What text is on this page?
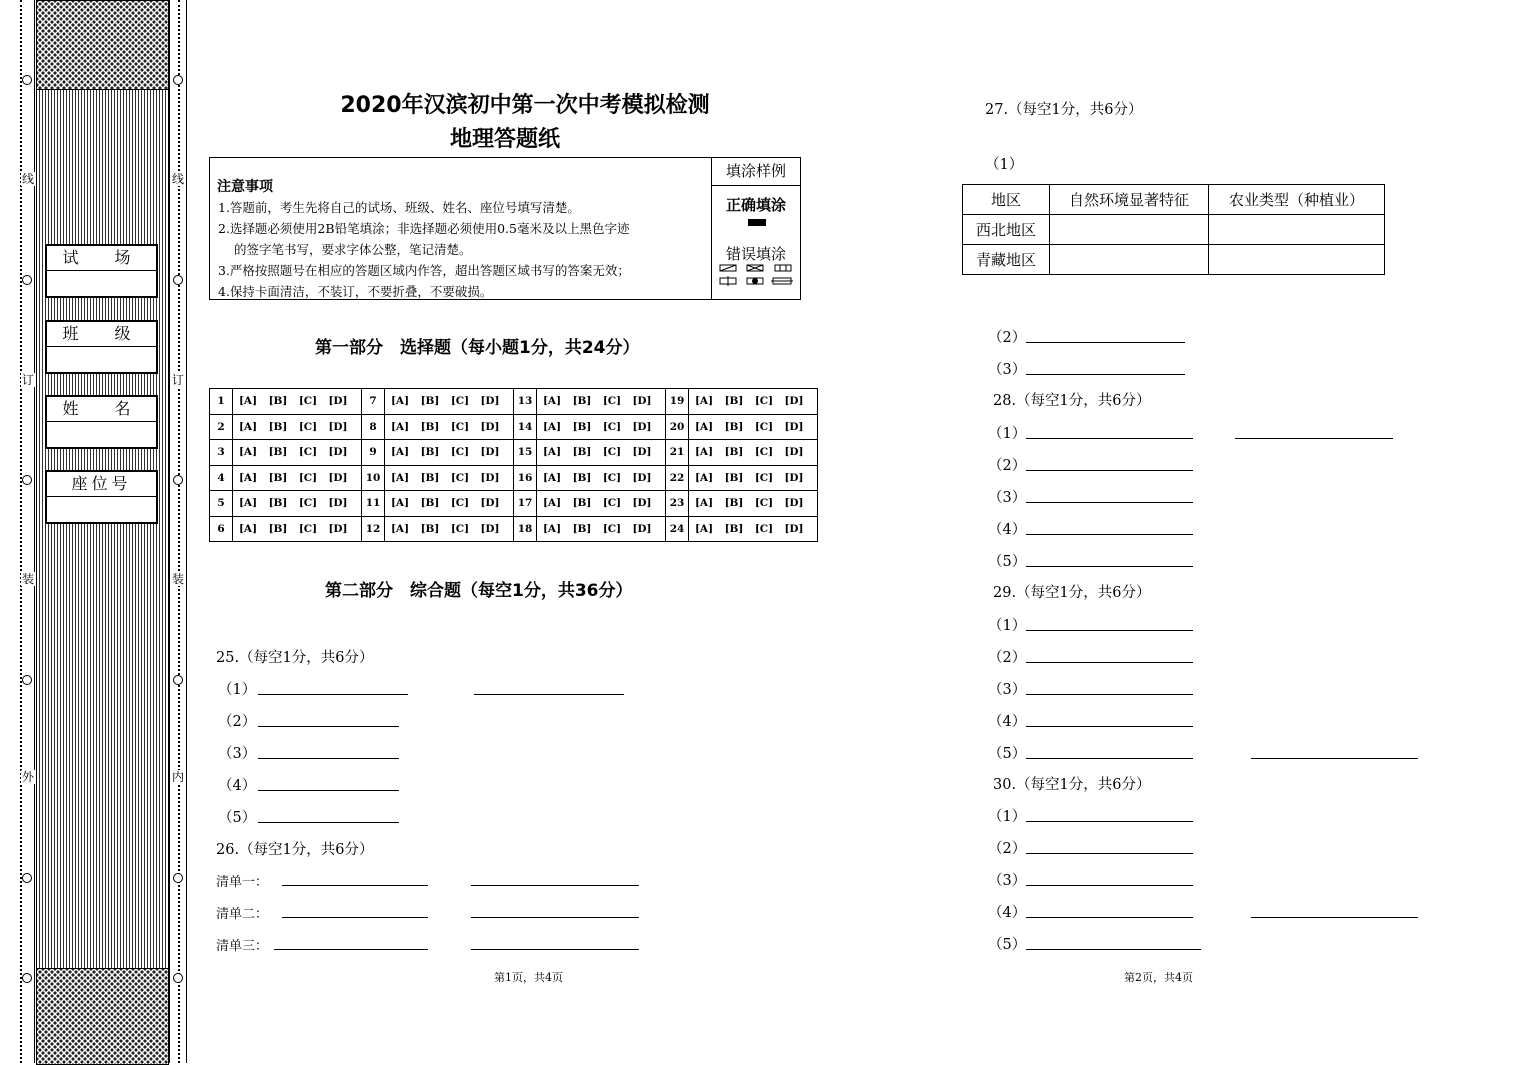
线
订
装
外
线
订
装
内
试　场
班　级
姓　名
座位号
2020年汉滨初中第一次中考模拟检测
地理答题纸
注意事项
1.答题前，考生先将自己的试场、班级、姓名、座位号填写清楚。
2.选择题必须使用2B铅笔填涂；非选择题必须使用0.5毫米及以上黑色字迹
的签字笔书写，要求字体公整，笔记清楚。
3.严格按照题号在相应的答题区域内作答，超出答题区域书写的答案无效；
4.保持卡面清洁，不装订，不要折叠，不要破损。
填涂样例
正确填涂
错误填涂
第一部分　选择题（每小题1分，共24分）
1	[A] [B] [C] [D]	7	[A] [B] [C] [D]	13	[A] [B] [C] [D]	19	[A] [B] [C] [D]
2	[A] [B] [C] [D]	8	[A] [B] [C] [D]	14	[A] [B] [C] [D]	20	[A] [B] [C] [D]
3	[A] [B] [C] [D]	9	[A] [B] [C] [D]	15	[A] [B] [C] [D]	21	[A] [B] [C] [D]
4	[A] [B] [C] [D]	10	[A] [B] [C] [D]	16	[A] [B] [C] [D]	22	[A] [B] [C] [D]
5	[A] [B] [C] [D]	11	[A] [B] [C] [D]	17	[A] [B] [C] [D]	23	[A] [B] [C] [D]
6	[A] [B] [C] [D]	12	[A] [B] [C] [D]	18	[A] [B] [C] [D]	24	[A] [B] [C] [D]
第二部分　综合题（每空1分，共36分）
25.（每空1分，共6分）
（1）
（2）
（3）
（4）
（5）
26.（每空1分，共6分）
清单一：
清单二：
清单三：
第1页，共4页
27.（每空1分，共6分）
（1）
地区	自然环境显著特征	农业类型（种植业）
西北地区		
青藏地区		
（2）
（3）
28.（每空1分，共6分）
（1）
（2）
（3）
（4）
（5）
29.（每空1分，共6分）
（1）
（2）
（3）
（4）
（5）
30.（每空1分，共6分）
（1）
（2）
（3）
（4）
（5）
第2页，共4页
